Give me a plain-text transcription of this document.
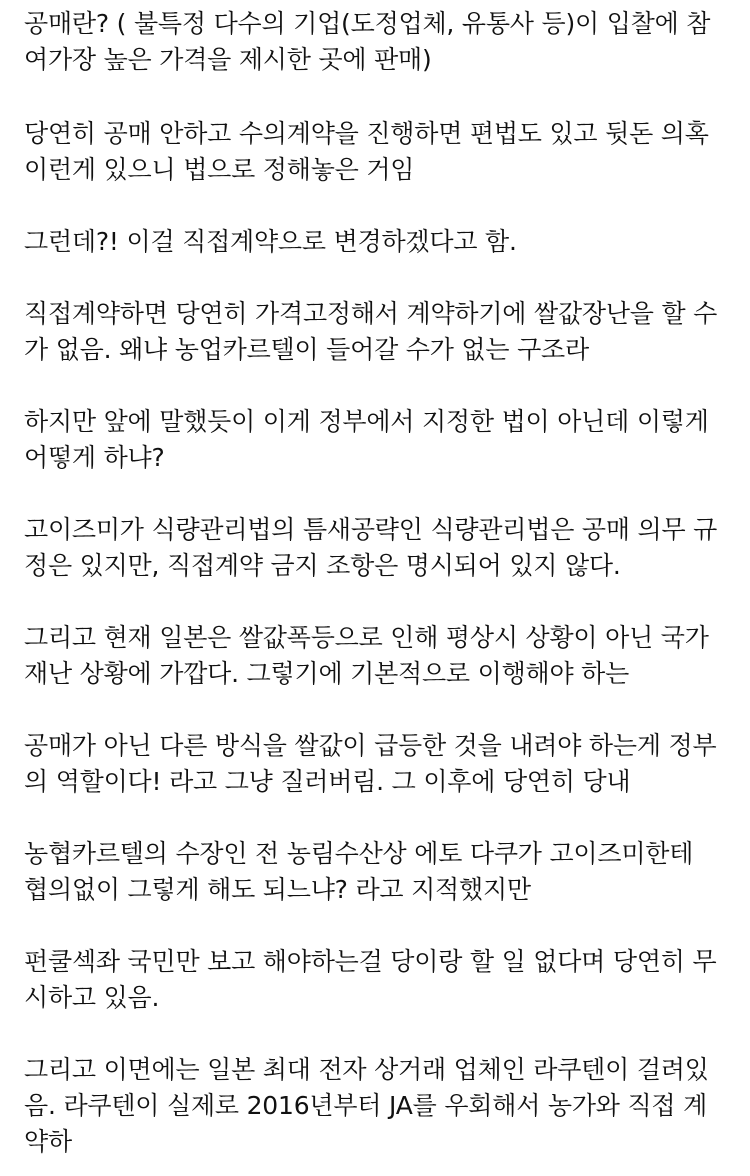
공매란? ( 불특정 다수의 기업(도정업체, 유통사 등)이 입찰에 참
여가장 높은 가격을 제시한 곳에 판매)

당연히 공매 안하고 수의계약을 진행하면 편법도 있고 뒷돈 의혹
이런게 있으니 법으로 정해놓은 거임

그런데?! 이걸 직접계약으로 변경하겠다고 함.

직접계약하면 당연히 가격고정해서 계약하기에 쌀값장난을 할 수
가 없음. 왜냐 농업카르텔이 들어갈 수가 없는 구조라

하지만 앞에 말했듯이 이게 정부에서 지정한 법이 아닌데 이렇게
어떻게 하냐?

고이즈미가 식량관리법의 틈새공략인 식량관리법은 공매 의무 규
정은 있지만, 직접계약 금지 조항은 명시되어 있지 않다.

그리고 현재 일본은 쌀값폭등으로 인해 평상시 상황이 아닌 국가
재난 상황에 가깝다. 그렇기에 기본적으로 이행해야 하는

공매가 아닌 다른 방식을 쌀값이 급등한 것을 내려야 하는게 정부
의 역할이다! 라고 그냥 질러버림. 그 이후에 당연히 당내

농협카르텔의 수장인 전 농림수산상 에토 다쿠가 고이즈미한테
협의없이 그렇게 해도 되느냐? 라고 지적했지만

펀쿨섹좌 국민만 보고 해야하는걸 당이랑 할 일 없다며 당연히 무
시하고 있음.

그리고 이면에는 일본 최대 전자 상거래 업체인 라쿠텐이 걸려있
음. 라쿠텐이 실제로 2016년부터 JA를 우회해서 농가와 직접 계
약하
